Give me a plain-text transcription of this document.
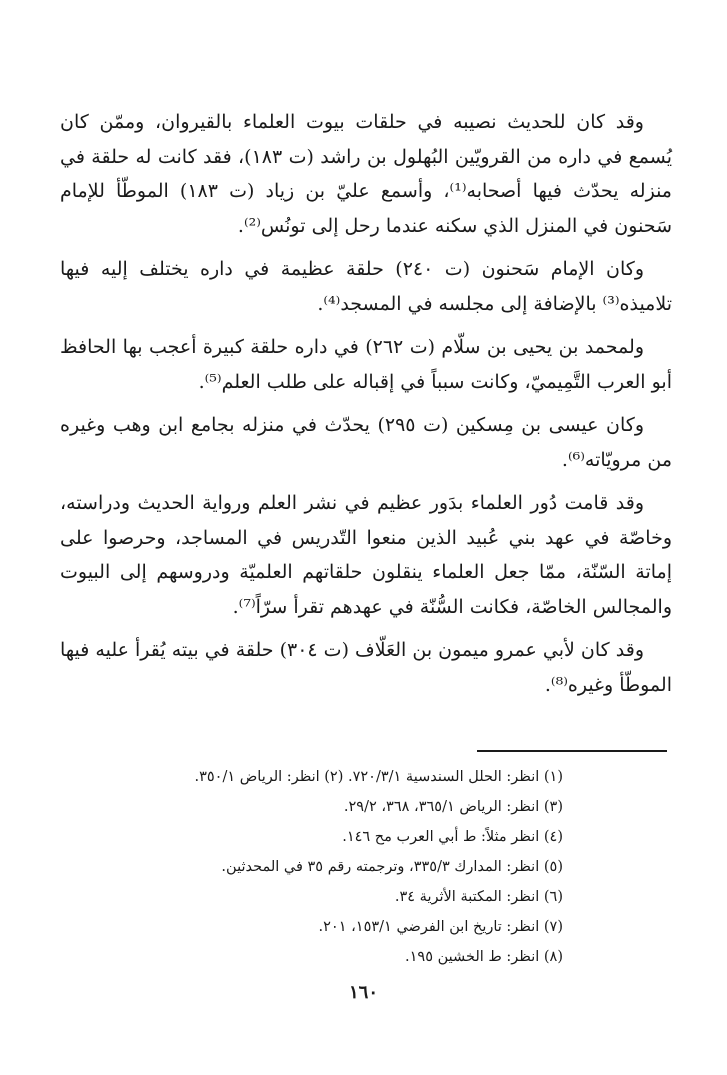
وقد كان للحديث نصيبه في حلقات بيوت العلماء بالقيروان، وممّن كان يُسمع في داره من القرويّين البُهلول بن راشد (ت ١٨٣)، فقد كانت له حلقة في منزله يحدّث فيها أصحابه⁽¹⁾، وأسمع عليّ بن زياد (ت ١٨٣) الموطّأ للإمام سَحنون في المنزل الذي سكنه عندما رحل إلى تونُس⁽²⁾.

وكان الإمام سَحنون (ت ٢٤٠) حلقة عظيمة في داره يختلف إليه فيها تلاميذه⁽³⁾ بالإضافة إلى مجلسه في المسجد⁽⁴⁾.

ولمحمد بن يحيى بن سلّام (ت ٢٦٢) في داره حلقة كبيرة أعجب بها الحافظ أبو العرب التَّمِيميّ، وكانت سبباً في إقباله على طلب العلم⁽⁵⁾.

وكان عيسى بن مِسكين (ت ٢٩٥) يحدّث في منزله بجامع ابن وهب وغيره من مرويّاته⁽⁶⁾.

وقد قامت دُور العلماء بدَور عظيم في نشر العلم ورواية الحديث ودراسته، وخاصّة في عهد بني عُبيد الذين منعوا التّدريس في المساجد، وحرصوا على إماتة السّنّة، ممّا جعل العلماء ينقلون حلقاتهم العلميّة ودروسهم إلى البيوت والمجالس الخاصّة، فكانت السُّنّة في عهدهم تقرأ سرّاً⁽⁷⁾.

وقد كان لأبي عمرو ميمون بن العَلّاف (ت ٣٠٤) حلقة في بيته يُقرأ عليه فيها الموطّأ وغيره⁽⁸⁾.

(١) انظر: الحلل السندسية ٧٢٠/٣/١. (٢) انظر: الرياض ٣٥٠/١.
(٣) انظر: الرياض ٣٦٥/١، ٣٦٨، ٢٩/٢.
(٤) انظر مثلاً: ط أبي العرب مح ١٤٦.
(٥) انظر: المدارك ٣٣٥/٣، وترجمته رقم ٣٥ في المحدثين.
(٦) انظر: المكتبة الأثرية ٣٤.
(٧) انظر: تاريخ ابن الفرضي ١٥٣/١، ٢٠١.
(٨) انظر: ط الخشين ١٩٥.
١٦٠
